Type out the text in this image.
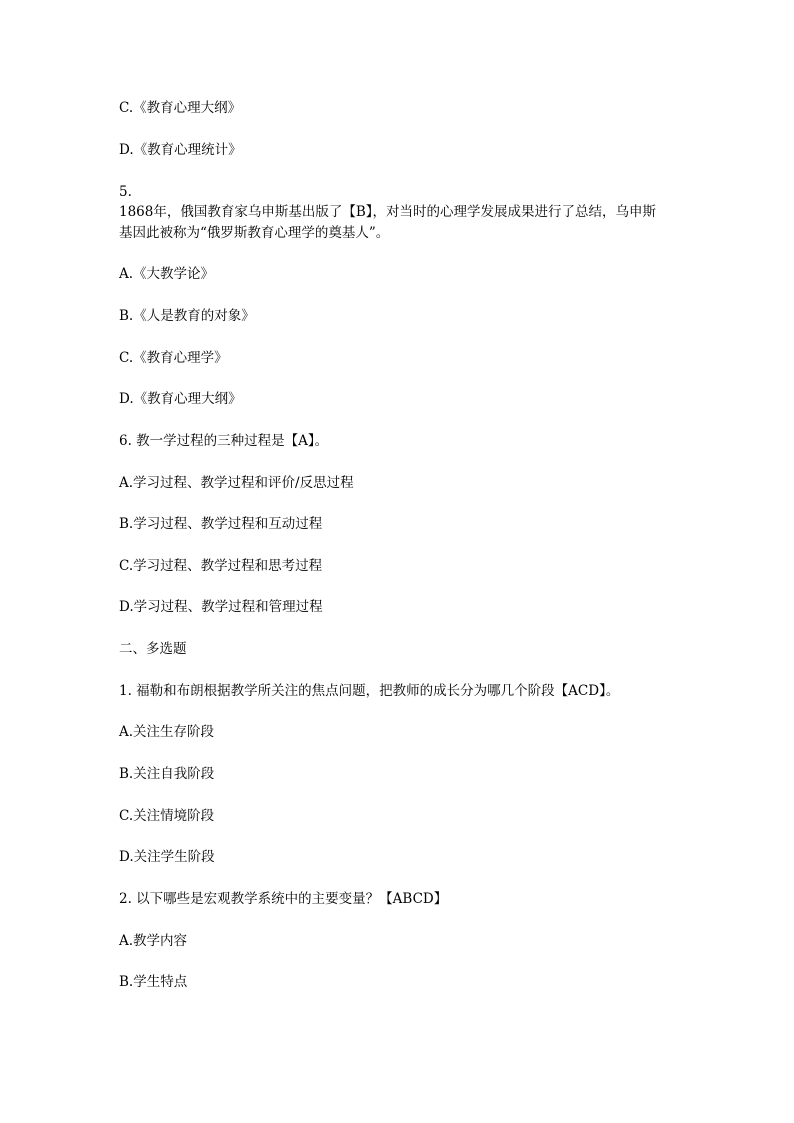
C.《教育心理大纲》
D.《教育心理统计》
5.
1868年，俄国教育家乌申斯基出版了【B】，对当时的心理学发展成果进行了总结，乌申斯
基因此被称为“俄罗斯教育心理学的奠基人”。
A.《大教学论》
B.《人是教育的对象》
C.《教育心理学》
D.《教育心理大纲》
6. 教一学过程的三种过程是【A】。
A.学习过程、教学过程和评价/反思过程
B.学习过程、教学过程和互动过程
C.学习过程、教学过程和思考过程
D.学习过程、教学过程和管理过程
二、多选题
1. 福勒和布朗根据教学所关注的焦点问题，把教师的成长分为哪几个阶段【ACD】。
A.关注生存阶段
B.关注自我阶段
C.关注情境阶段
D.关注学生阶段
2. 以下哪些是宏观教学系统中的主要变量？【ABCD】
A.教学内容
B.学生特点
